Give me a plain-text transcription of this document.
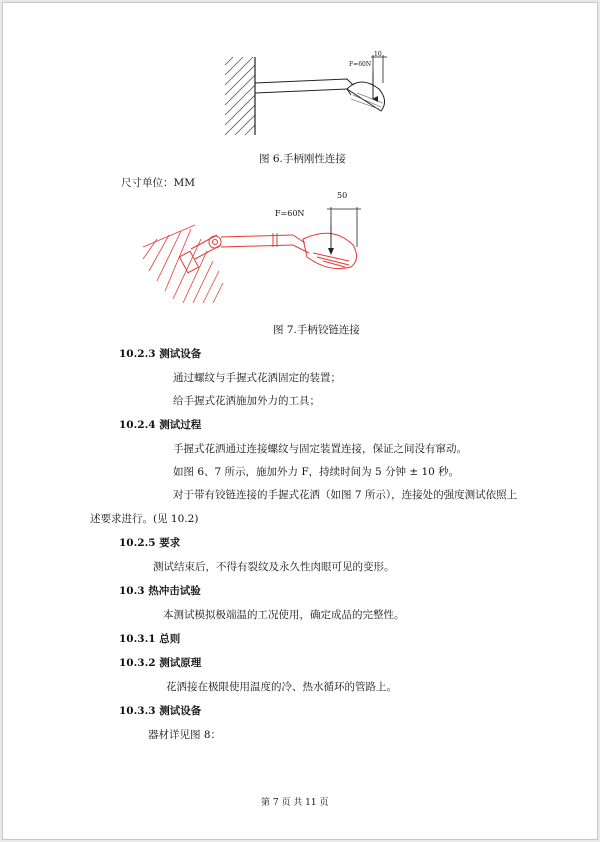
F=60N
10
图 6.手柄刚性连接
尺寸单位：MM
F=60N
50
图 7.手柄铰链连接
10.2.3 测试设备
通过螺纹与手握式花洒固定的装置；
给手握式花洒施加外力的工具；
10.2.4 测试过程
手握式花洒通过连接螺纹与固定装置连接，保证之间没有窜动。
如图 6、7 所示，施加外力 F，持续时间为 5 分钟 ± 10 秒。
对于带有铰链连接的手握式花洒（如图 7 所示），连接处的强度测试依照上
述要求进行。(见 10.2)
10.2.5 要求
测试结束后，不得有裂纹及永久性肉眼可见的变形。
10.3 热冲击试验
本测试模拟极端温的工况使用，确定成品的完整性。
10.3.1 总则
10.3.2 测试原理
花洒接在极限使用温度的冷、热水循环的管路上。
10.3.3 测试设备
器材详见图 8：
第 7 页 共 11 页
